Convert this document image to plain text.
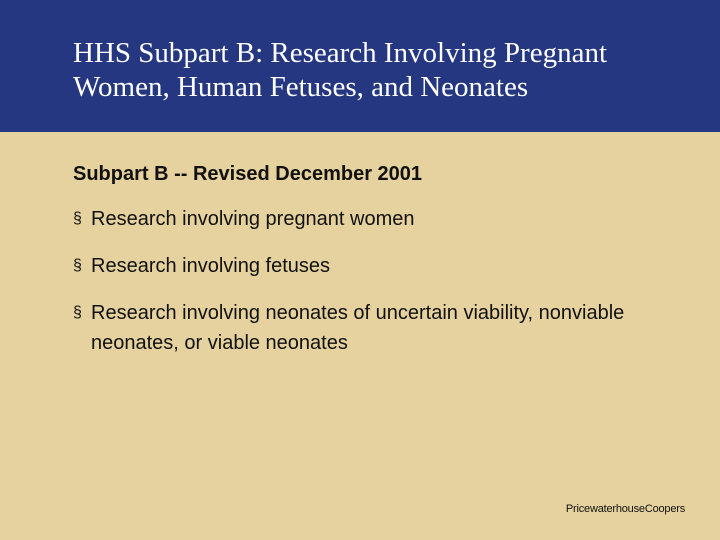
HHS Subpart B: Research Involving Pregnant
Women, Human Fetuses, and Neonates
Subpart B -- Revised December 2001
§ Research involving pregnant women
§ Research involving fetuses
§ Research involving neonates of uncertain viability, nonviable neonates, or viable neonates
PricewaterhouseCoopers
